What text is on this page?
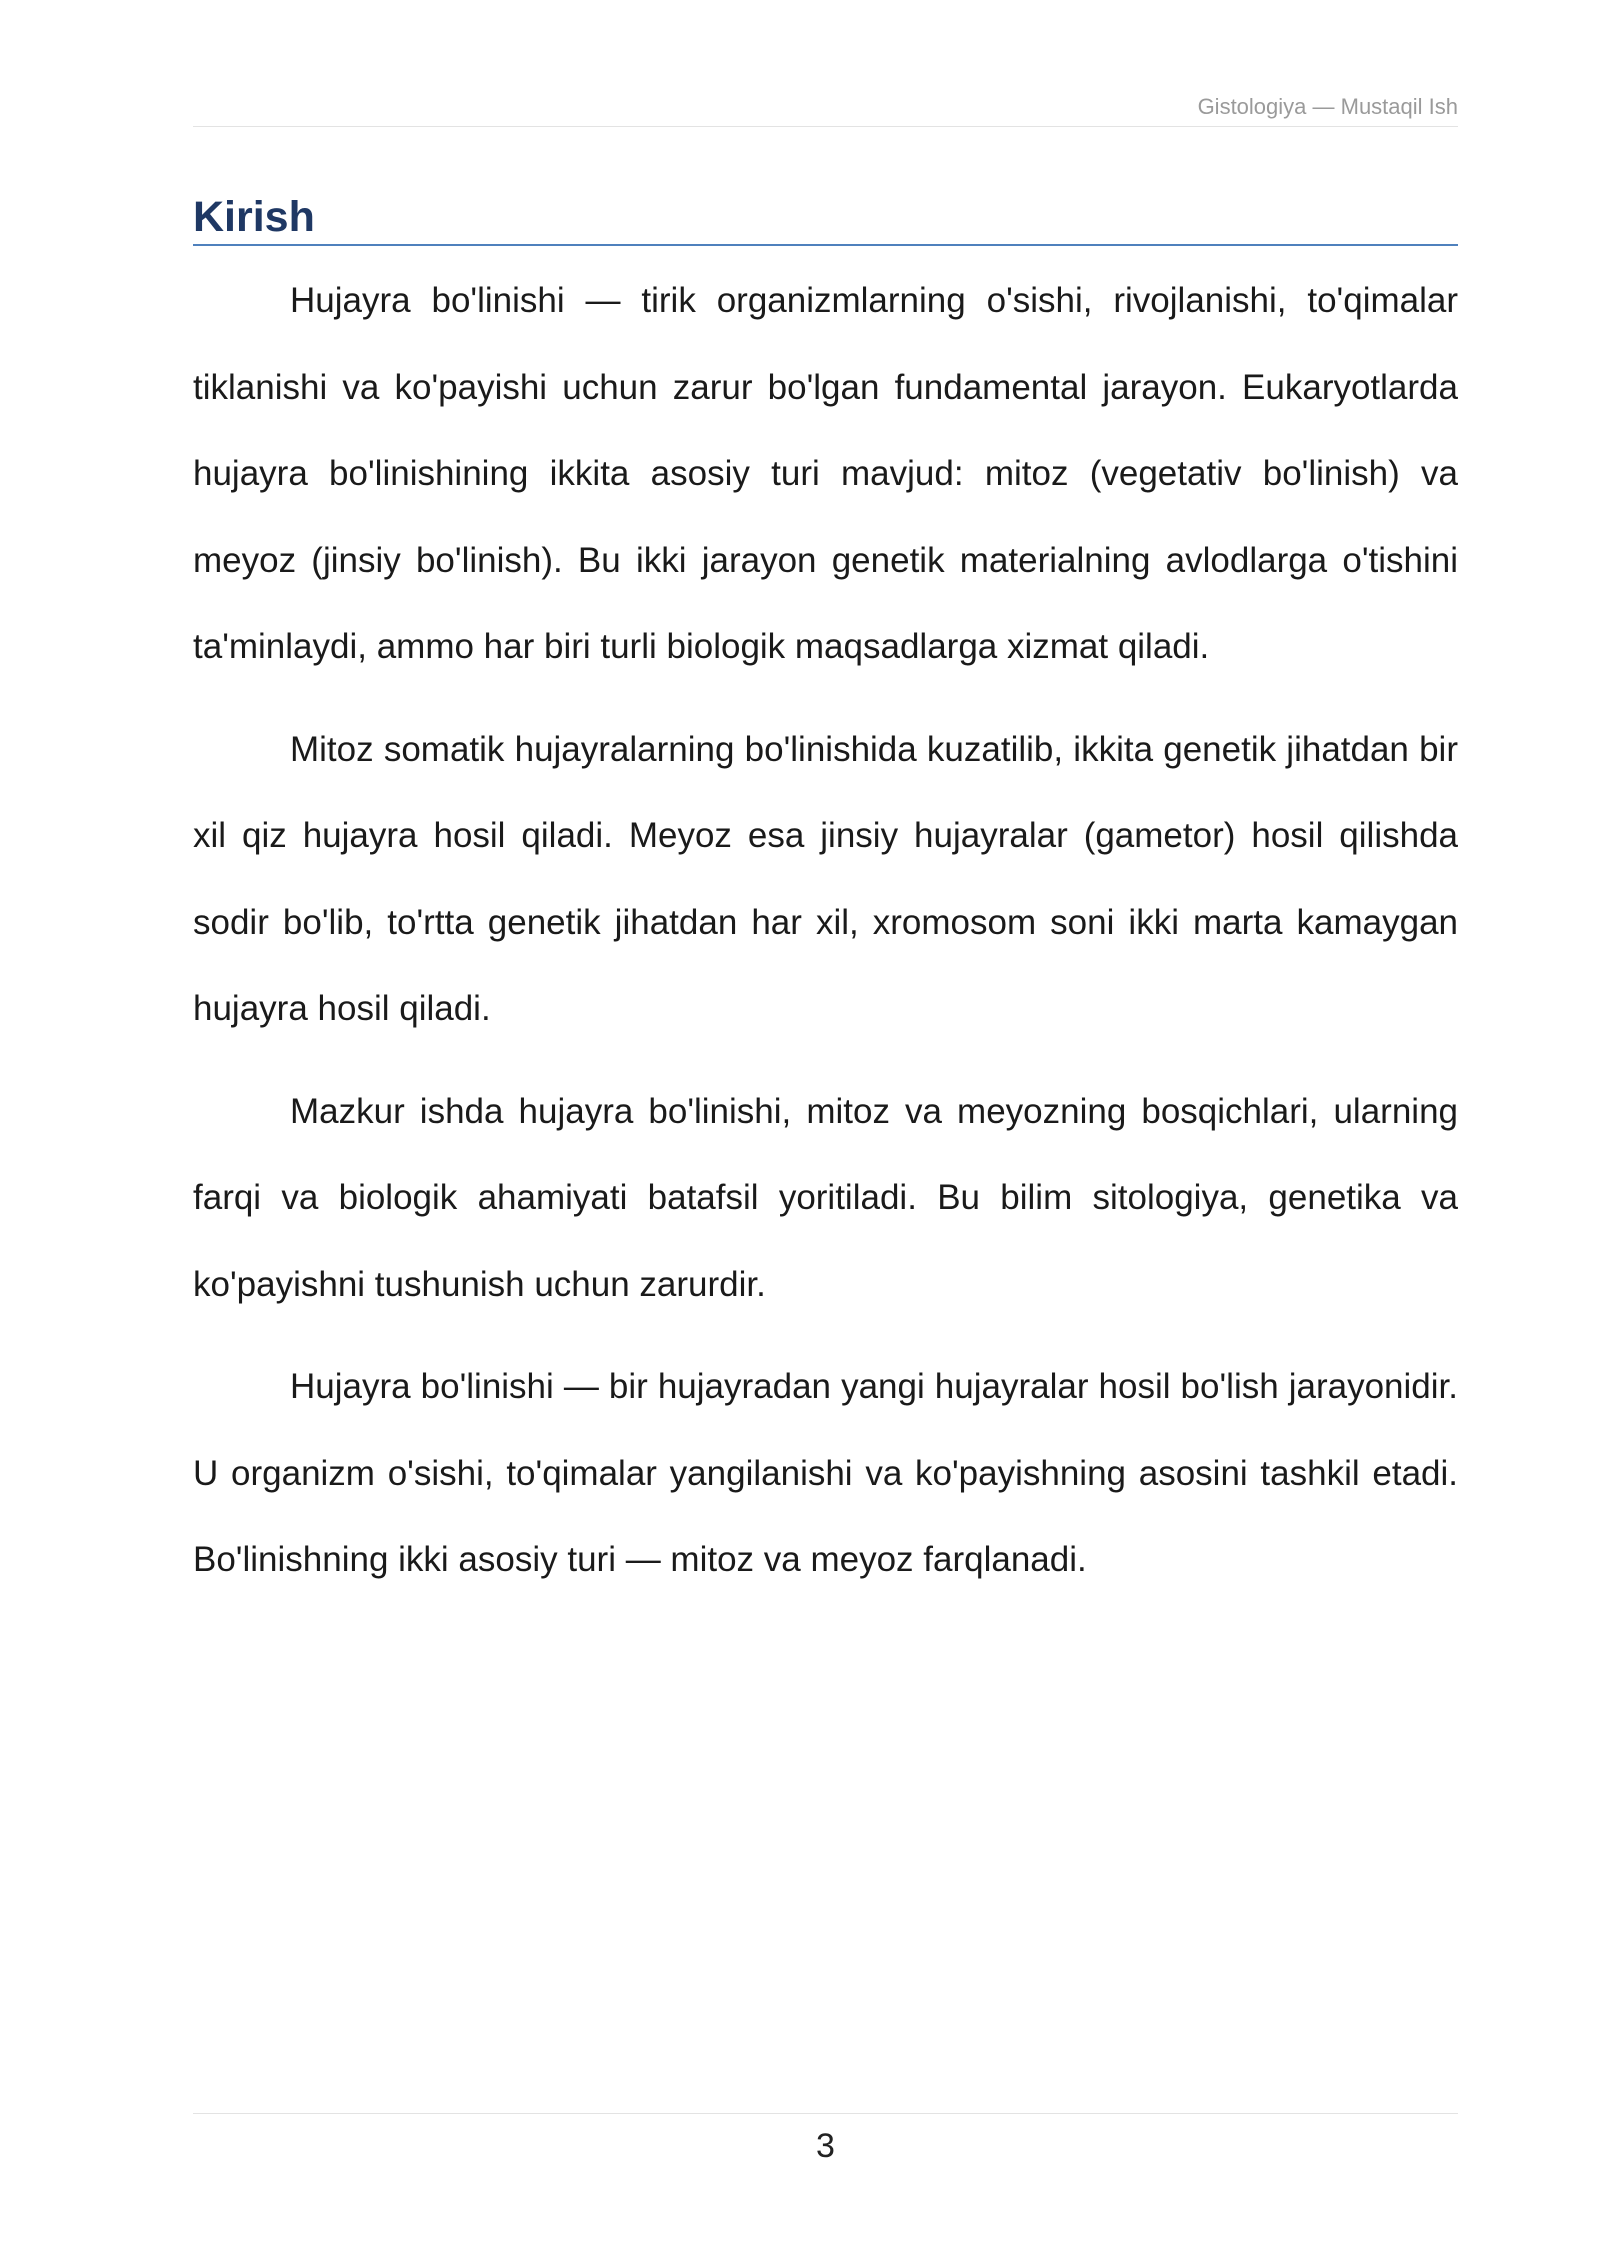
Gistologiya — Mustaqil Ish
Kirish

Hujayra bo'linishi — tirik organizmlarning o'sishi, rivojlanishi, to'qimalar tiklanishi va ko'payishi uchun zarur bo'lgan fundamental jarayon. Eukaryotlarda hujayra bo'linishining ikkita asosiy turi mavjud: mitoz (vegetativ bo'linish) va meyoz (jinsiy bo'linish). Bu ikki jarayon genetik materialning avlodlarga o'tishini ta'minlaydi, ammo har biri turli biologik maqsadlarga xizmat qiladi.

Mitoz somatik hujayralarning bo'linishida kuzatilib, ikkita genetik jihatdan bir xil qiz hujayra hosil qiladi. Meyoz esa jinsiy hujayralar (gametor) hosil qilishda sodir bo'lib, to'rtta genetik jihatdan har xil, xromosom soni ikki marta kamaygan hujayra hosil qiladi.

Mazkur ishda hujayra bo'linishi, mitoz va meyozning bosqichlari, ularning farqi va biologik ahamiyati batafsil yoritiladi. Bu bilim sitologiya, genetika va ko'payishni tushunish uchun zarurdir.

Hujayra bo'linishi — bir hujayradan yangi hujayralar hosil bo'lish jarayonidir. U organizm o'sishi, to'qimalar yangilanishi va ko'payishning asosini tashkil etadi. Bo'linishning ikki asosiy turi — mitoz va meyoz farqlanadi.

3
